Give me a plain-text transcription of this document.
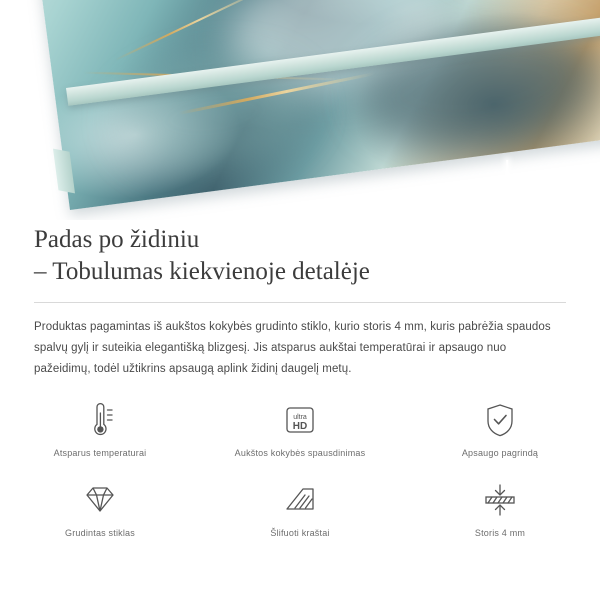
Padas po židiniu
– Tobulumas kiekvienoje detalėje

Produktas pagamintas iš aukštos kokybės grudinto stiklo, kurio storis 4 mm, kuris pabrėžia spaudos spalvų gylį ir suteikia elegantišką blizgesį. Jis atsparus aukštai temperatūrai ir apsaugo nuo pažeidimų, todėl užtikrins apsaugą aplink židinį daugelį metų.

Atsparus temperaturai
ultra
HD
Aukštos kokybės spausdinimas	Apsaugo pagrindą
Grudintas stiklas	Šlifuoti kraštai	Storis 4 mm
